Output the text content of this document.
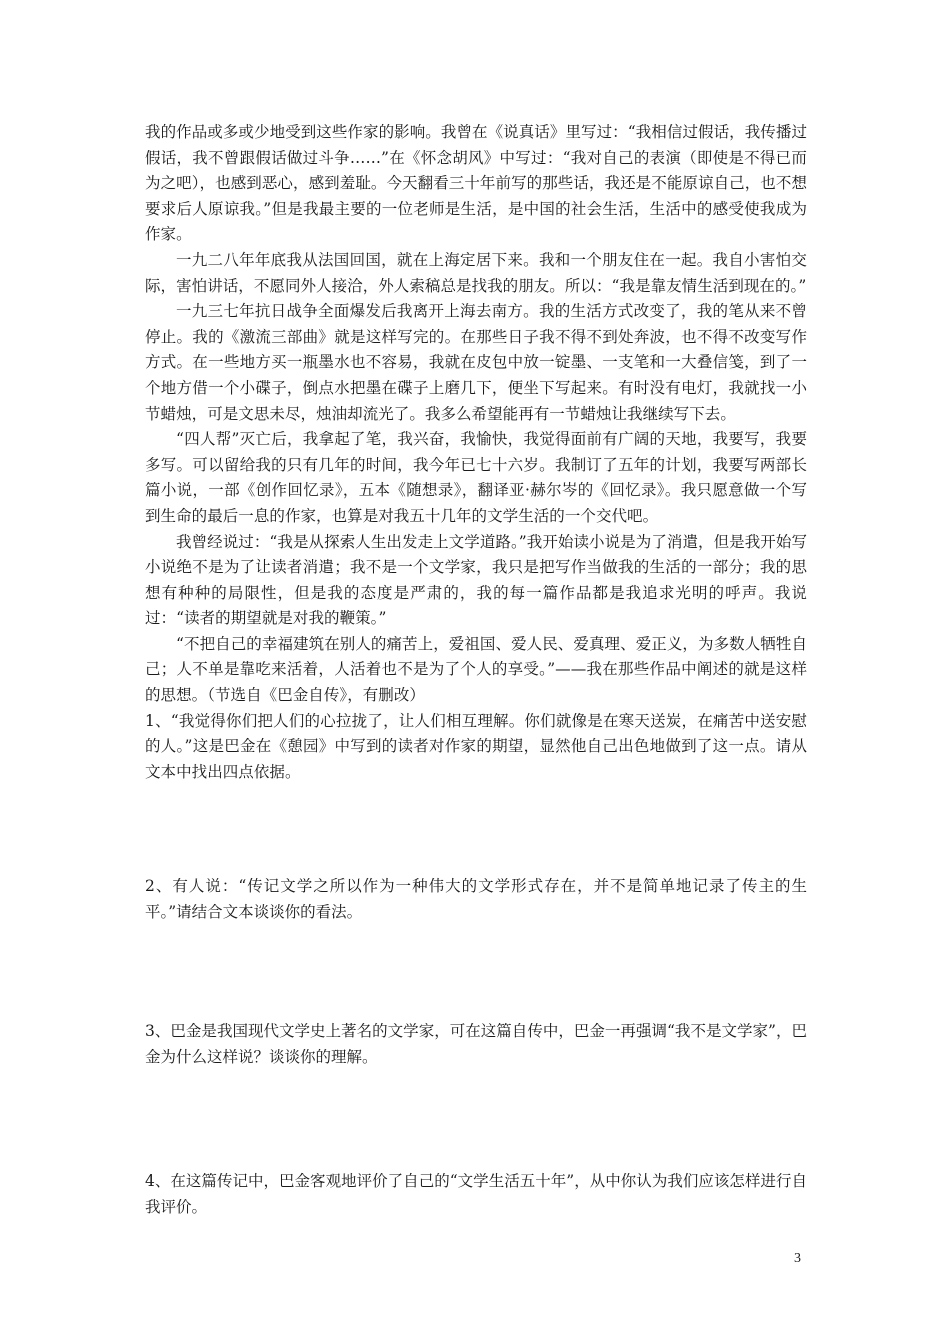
我的作品或多或少地受到这些作家的影响。我曾在《说真话》里写过：“我相信过假话，我传播过假话，我不曾跟假话做过斗争……”在《怀念胡风》中写过：“我对自己的表演（即使是不得已而为之吧），也感到恶心，感到羞耻。今天翻看三十年前写的那些话，我还是不能原谅自己，也不想要求后人原谅我。”但是我最主要的一位老师是生活，是中国的社会生活，生活中的感受使我成为作家。

一九二八年年底我从法国回国，就在上海定居下来。我和一个朋友住在一起。我自小害怕交际，害怕讲话，不愿同外人接洽，外人索稿总是找我的朋友。所以：“我是靠友情生活到现在的。”

一九三七年抗日战争全面爆发后我离开上海去南方。我的生活方式改变了，我的笔从来不曾停止。我的《激流三部曲》就是这样写完的。在那些日子我不得不到处奔波，也不得不改变写作方式。在一些地方买一瓶墨水也不容易，我就在皮包中放一锭墨、一支笔和一大叠信笺，到了一个地方借一个小碟子，倒点水把墨在碟子上磨几下，便坐下写起来。有时没有电灯，我就找一小节蜡烛，可是文思未尽，烛油却流光了。我多么希望能再有一节蜡烛让我继续写下去。

“四人帮”灭亡后，我拿起了笔，我兴奋，我愉快，我觉得面前有广阔的天地，我要写，我要多写。可以留给我的只有几年的时间，我今年已七十六岁。我制订了五年的计划，我要写两部长篇小说，一部《创作回忆录》，五本《随想录》，翻译亚·赫尔岑的《回忆录》。我只愿意做一个写到生命的最后一息的作家，也算是对我五十几年的文学生活的一个交代吧。

我曾经说过：“我是从探索人生出发走上文学道路。”我开始读小说是为了消遣，但是我开始写小说绝不是为了让读者消遣；我不是一个文学家，我只是把写作当做我的生活的一部分；我的思想有种种的局限性，但是我的态度是严肃的，我的每一篇作品都是我追求光明的呼声。我说过：“读者的期望就是对我的鞭策。”

“不把自己的幸福建筑在别人的痛苦上，爱祖国、爱人民、爱真理、爱正义，为多数人牺牲自己；人不单是靠吃来活着，人活着也不是为了个人的享受。”——我在那些作品中阐述的就是这样的思想。（节选自《巴金自传》，有删改）

1、“我觉得你们把人们的心拉拢了，让人们相互理解。你们就像是在寒天送炭，在痛苦中送安慰的人。”这是巴金在《憩园》中写到的读者对作家的期望，显然他自己出色地做到了这一点。请从文本中找出四点依据。

2、有人说：“传记文学之所以作为一种伟大的文学形式存在，并不是简单地记录了传主的生平。”请结合文本谈谈你的看法。

3、巴金是我国现代文学史上著名的文学家，可在这篇自传中，巴金一再强调“我不是文学家”，巴金为什么这样说？谈谈你的理解。

4、在这篇传记中，巴金客观地评价了自己的“文学生活五十年”，从中你认为我们应该怎样进行自我评价。

3
